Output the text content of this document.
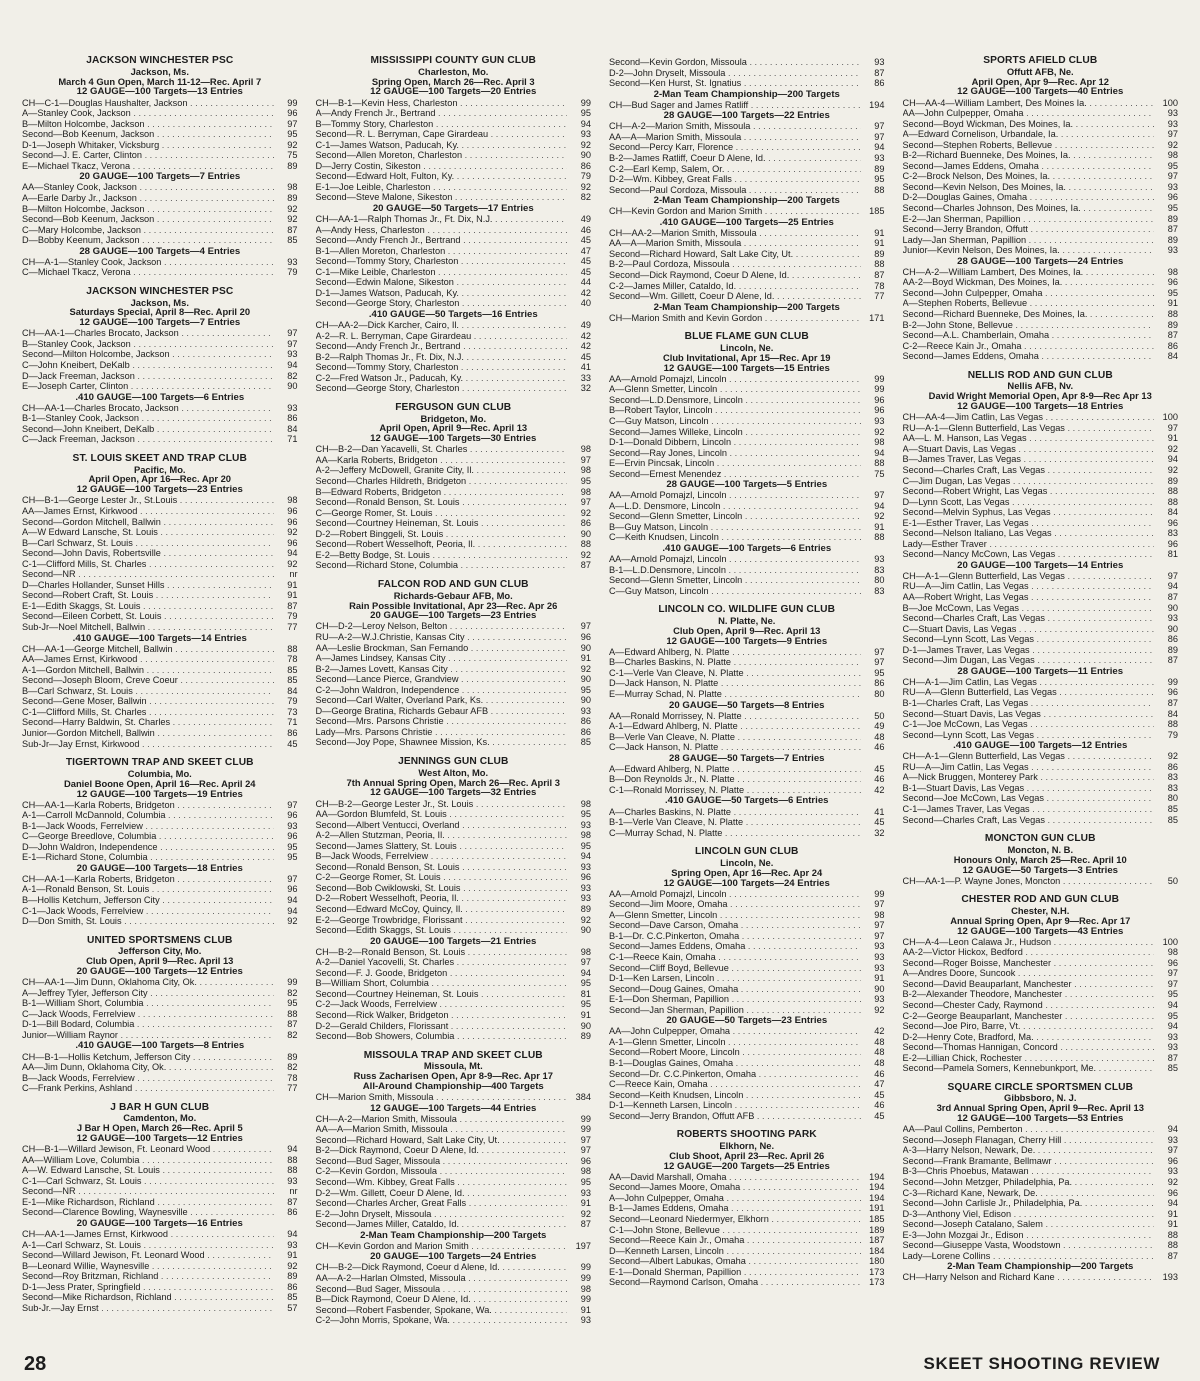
JACKSON WINCHESTER PSC
Jackson, Ms.
March 4 Gun Open, March 11-12—Rec. April 7
12 GAUGE—100 Targets—13 Entries
CH—C-1—Douglas Haushalter, Jackson . . .	99
A—Stanley Cook, Jackson . . .	96
B—Milton Holcombe, Jackson . . .	97
Second—Bob Keenum, Jackson . . .	95
D-1—Joseph Whitaker, Vicksburg . . .	92
Second—J. E. Carter, Clinton . . .	75
E—Michael Tkacz, Verona . . .	89
20 GAUGE—100 Targets—7 Entries
AA—Stanley Cook, Jackson . . .	98
A—Earle Darby Jr., Jackson . . .	89
B—Milton Holcombe, Jackson . . .	92
Second—Bob Keenum, Jackson . . .	92
C—Mary Holcombe, Jackson . . .	87
D—Bobby Keenum, Jackson . . .	85
28 GAUGE—100 Targets—4 Entries
CH—A-1—Stanley Cook, Jackson . . .	93
C—Michael Tkacz, Verona . . .	79
JACKSON WINCHESTER PSC
Jackson, Ms.
Saturdays Special, April 8—Rec. April 20
12 GAUGE—100 Targets—7 Entries
CH—AA-1—Charles Brocato, Jackson . . .	97
B—Stanley Cook, Jackson . . .	97
Second—Milton Holcombe, Jackson . . .	93
C—John Kneibert, DeKalb . . .	94
D—Jack Freeman, Jackson . . .	82
E—Joseph Carter, Clinton . . .	90
.410 GAUGE—100 Targets—6 Entries
CH—AA-1—Charles Brocato, Jackson . . .	93
B-1—Stanley Cook, Jackson . . .	86
Second—John Kneibert, DeKalb . . .	84
C—Jack Freeman, Jackson . . .	71
ST. LOUIS SKEET AND TRAP CLUB
Pacific, Mo.
April Open, Apr 16—Rec. Apr 20
12 GAUGE—100 Targets—23 Entries
CH—B-1—George Lester Jr., St.Louis . . .	98
AA—James Ernst, Kirkwood . . .	96
Second—Gordon Mitchell, Ballwin . . .	96
A—W Edward Lansche, St. Louis . . .	92
B—Carl Schwarz, St. Louis . . .	96
Second—John Davis, Robertsville . . .	94
C-1—Clifford Mills, St. Charles . . .	92
Second—NR . . .	nr
D—Charles Hollander, Sunset Hills . . .	91
Second—Robert Craft, St. Louis . . .	91
E-1—Edith Skaggs, St. Louis . . .	87
Second—Eileen Corbett, St. Louis . . .	79
Sub-Jr—Noel Mitchell, Ballwin . . .	77
.410 GAUGE—100 Targets—14 Entries
CH—AA-1—George Mitchell, Ballwin . . .	88
AA—James Ernst, Kirkwood . . .	78
A-1—Gordon Mitchell, Ballwin . . .	85
Second—Joseph Bloom, Creve Coeur . . .	85
B—Carl Schwarz, St. Louis . . .	84
Second—Gene Moser, Ballwin . . .	79
C-1—Clifford Mills, St. Charles . . .	73
Second—Harry Baldwin, St. Charles . . .	71
Junior—Gordon Mitchell, Ballwin . . .	86
Sub-Jr—Jay Ernst, Kirkwood . . .	45
TIGERTOWN TRAP AND SKEET CLUB
Columbia, Mo.
Daniel Boone Open, April 16—Rec. April 24
12 GAUGE—100 Targets—19 Entries
CH—AA-1—Karla Roberts, Bridgeton . . .	97
A-1—Carroll McDannold, Columbia . . .	96
B-1—Jack Woods, Ferrelview . . .	93
C—George Breedlove, Columbia . . .	96
D—John Waldron, Independence . . .	95
E-1—Richard Stone, Columbia . . .	95
20 GAUGE—100 Targets—18 Entries
CH—AA-1—Karla Roberts, Bridgeton . . .	97
A-1—Ronald Benson, St. Louis . . .	96
B—Hollis Ketchum, Jefferson City . . .	94
C-1—Jack Woods, Ferrelview . . .	94
D—Don Smith, St. Louis . . .	92
UNITED SPORTSMENS CLUB
Jefferson City, Mo.
Club Open, April 9—Rec. April 13
20 GAUGE—100 Targets—12 Entries
CH—AA-1—Jim Dunn, Oklahoma City, Ok. . . .	99
A—Jeffrey Tyler, Jefferson City . . .	82
B-1—William Short, Columbia . . .	95
C—Jack Woods, Ferrelview . . .	88
D-1—Bill Bodard, Columbia . . .	87
Junior—William Raynor . . .	82
.410 GAUGE—100 Targets—8 Entries
CH—B-1—Hollis Ketchum, Jefferson City . . .	89
AA—Jim Dunn, Oklahoma City, Ok. . . .	82
B—Jack Woods, Ferrelview . . .	78
C—Frank Perkins, Ashland . . .	77
J BAR H GUN CLUB
Camdenton, Mo.
J Bar H Open, March 26—Rec. April 5
12 GAUGE—100 Targets—12 Entries
CH—B-1—Willard Jewison, Ft. Leonard Wood . . .	94
AA—William Love, Columbia . . .	88
A—W. Edward Lansche, St. Louis . . .	88
C-1—Carl Schwarz, St. Louis . . .	93
Second—NR . . .	nr
E-1—Mike Richardson, Richland . . .	87
Second—Clarence Bowling, Waynesville . . .	86
20 GAUGE—100 Targets—16 Entries
CH—AA-1—James Ernst, Kirkwood . . .	94
A-1—Carl Schwarz, St. Louis . . .	93
Second—Willard Jewison, Ft. Leonard Wood . . .	91
B—Leonard Willie, Waynesville . . .	92
Second—Roy Britzman, Richland . . .	89
D-1—Jess Prater, Springfield . . .	86
Second—Mike Richardson, Richland . . .	85
Sub-Jr.—Jay Ernst . . .	57
MISSISSIPPI COUNTY GUN CLUB
Charleston, Mo.
Spring Open, March 26—Rec. April 3
12 GAUGE—100 Targets—20 Entries
CH—B-1—Kevin Hess, Charleston . . .	99
A—Andy French Jr., Bertrand . . .	95
B—Tommy Story, Charleston . . .	94
Second—R. L. Berryman, Cape Girardeau . . .	93
C-1—James Watson, Paducah, Ky. . . .	92
Second—Allen Moreton, Charleston . . .	90
D—Jerry Costin, Sikeston . . .	86
Second—Edward Holt, Fulton, Ky. . . .	79
E-1—Joe Leible, Charleston . . .	92
Second—Steve Malone, Sikeston . . .	82
20 GAUGE—50 Targets—17 Entries
CH—AA-1—Ralph Thomas Jr., Ft. Dix, N.J. . . .	49
A—Andy Hess, Charleston . . .	46
Second—Andy French Jr., Bertrand . . .	45
B-1—Allen Moreton, Charleston . . .	47
Second—Tommy Story, Charleston . . .	45
C-1—Mike Leible, Charleston . . .	45
Second—Edwin Malone, Sikeston . . .	44
D-1—James Watson, Paducah, Ky. . . .	42
Second—George Story, Charleston . . .	40
.410 GAUGE—50 Targets—16 Entries
CH—AA-2—Dick Karcher, Cairo, Il. . . .	49
A-2—R. L. Berryman, Cape Girardeau . . .	42
Second—Andy French Jr., Bertrand . . .	42
B-2—Ralph Thomas Jr., Ft. Dix, N.J. . . .	45
Second—Tommy Story, Charleston . . .	41
C-2—Fred Watson Jr., Paducah, Ky. . . .	33
Second—George Story, Charleston . . .	32
FERGUSON GUN CLUB
Bridgeton, Mo.
April Open, April 9—Rec. April 13
12 GAUGE—100 Targets—30 Entries
CH—B-2—Dan Yacavelli, St. Charles . . .	98
AA—Karla Roberts, Bridgeton . . .	97
A-2—Jeffery McDowell, Granite City, Il. . . .	98
Second—Charles Hildreth, Bridgeton . . .	95
B—Edward Roberts, Bridgeton . . .	98
Second—Ronald Benson, St. Louis . . .	97
C—George Romer, St. Louis . . .	92
Second—Courtney Heineman, St. Louis . . .	86
D-2—Robert Binggeli, St. Louis . . .	90
Second—Robert Wesselhoft, Peoria, Il. . . .	88
E-2—Betty Bodge, St. Louis . . .	92
Second—Richard Stone, Columbia . . .	87
FALCON ROD AND GUN CLUB
Richards-Gebaur AFB, Mo.
Rain Possible Invitational, Apr 23—Rec. Apr 26
20 GAUGE—100 Targets—23 Entries
CH—D-2—Leroy Nelson, Belton . . .	97
RU—A-2—W.J.Christie, Kansas City . . .	96
AA—Leslie Brockman, San Fernando . . .	90
A—James Lindsey, Kansas City . . .	91
B-2—James Lovett, Kansas City . . .	92
Second—Lance Pierce, Grandview . . .	90
C-2—John Waldron, Independence . . .	95
Second—Carl Walter, Overland Park, Ks. . . .	90
D—George Bratina, Richards Gebaur AFB . . .	93
Second—Mrs. Parsons Christie . . .	86
Lady—Mrs. Parsons Christie . . .	86
Second—Joy Pope, Shawnee Mission, Ks. . . .	85
JENNINGS GUN CLUB
West Alton, Mo.
7th Annual Spring Open, March 26—Rec. April 3
12 GAUGE—100 Targets—32 Entries
CH—B-2—George Lester Jr., St. Louis . . .	98
AA—Gordon Blumfeld, St. Louis . . .	95
Second—Albert Ventucci, Overland . . .	93
A-2—Allen Stutzman, Peoria, Il. . . .	98
Second—James Slattery, St. Louis . . .	95
B—Jack Woods, Ferrelview . . .	94
Second—Ronald Benson, St. Louis . . .	93
C-2—George Romer, St. Louis . . .	96
Second—Bob Cwiklowski, St. Louis . . .	93
D-2—Robert Wesselhoft, Peoria, Il. . . .	93
Second—Edward McCoy, Quincy, Il. . . .	89
E-2—George Trowbridge, Florissant . . .	92
Second—Edith Skaggs, St. Louis . . .	90
20 GAUGE—100 Targets—21 Entries
CH—B-2—Ronald Benson, St. Louis . . .	98
A-2—Daniel Yacovelli, St. Charles . . .	97
Second—F. J. Goode, Bridgeton . . .	94
B—William Short, Columbia . . .	95
Second—Courtney Heineman, St. Louis . . .	81
C-2—Jack Woods, Ferrelview . . .	95
Second—Rick Walker, Bridgeton . . .	91
D-2—Gerald Childers, Florissant . . .	90
Second—Bob Showers, Columbia . . .	89
MISSOULA TRAP AND SKEET CLUB
Missoula, Mt.
Russ Zacharisen Open, Apr 8-9—Rec. Apr 17
All-Around Championship—400 Targets
CH—Marion Smith, Missoula . . .	384
12 GAUGE—100 Targets—44 Entries
CH—A-2—Marion Smith, Missoula . . .	99
AA—A—Marion Smith, Missoula . . .	99
Second—Richard Howard, Salt Lake City, Ut. . . .	97
B-2—Dick Raymond, Coeur D Alene, Id. . . .	97
Second—Bud Sager, Missoula . . .	96
C-2—Kevin Gordon, Missoula . . .	98
Second—Wm. Kibbey, Great Falls . . .	95
D-2—Wm. Gillett, Coeur D Alene, Id. . . .	93
Second—Charles Archer, Great Falls . . .	91
E-2—John Dryselt, Missoula . . .	92
Second—James Miller, Cataldo, Id. . . .	87
2-Man Team Championship—200 Targets
CH—Kevin Gordon and Marion Smith . . .	197
20 GAUGE—100 Targets—24 Entries
CH—B-2—Dick Raymond, Coeur d Alene, Id. . . .	99
AA—A-2—Harlan Olmsted, Missoula . . .	99
Second—Bud Sager, Missoula . . .	98
B—Dick Raymond, Coeur D Alene, Id. . . .	99
Second—Robert Fasbender, Spokane, Wa. . . .	91
C-2—John Morris, Spokane, Wa. . . .	93
Second—Kevin Gordon, Missoula . . .	93
D-2—John Dryselt, Missoula . . .	87
Second—Ken Hurst, St. Ignatius . . .	86
2-Man Team Championship—200 Targets
CH—Bud Sager and James Ratliff . . .	194
28 GAUGE—100 Targets—22 Entries
CH—A-2—Marion Smith, Missoula . . .	97
AA—A—Marion Smith, Missoula . . .	97
Second—Percy Karr, Florence . . .	94
B-2—James Ratliff, Coeur D Alene, Id. . . .	93
C-2—Earl Kemp, Salem, Or. . . .	89
D-2—Wm. Kibbey, Great Falls . . .	95
Second—Paul Cordoza, Missoula . . .	88
2-Man Team Championship—200 Targets
CH—Kevin Gordon and Marion Smith . . .	185
.410 GAUGE—100 Targets—25 Entries
CH—AA-2—Marion Smith, Missoula . . .	91
AA—A—Marion Smith, Missoula . . .	91
Second—Richard Howard, Salt Lake City, Ut. . . .	89
B-2—Paul Cordoza, Missoula . . .	88
Second—Dick Raymond, Coeur D Alene, Id. . . .	87
C-2—James Miller, Cataldo, Id. . . .	78
Second—Wm. Gillett, Coeur D Alene, Id. . . .	77
2-Man Team Championship—200 Targets
CH—Marion Smith and Kevin Gordon . . .	171
BLUE FLAME GUN CLUB
Lincoln, Ne.
Club Invitational, Apr 15—Rec. Apr 19
12 GAUGE—100 Targets—15 Entries
AA—Arnold Pomajzl, Lincoln . . .	99
A—Glenn Smetter, Lincoln . . .	99
Second—L.D.Densmore, Lincoln . . .	96
B—Robert Taylor, Lincoln . . .	96
C—Guy Matson, Lincoln . . .	93
Second—James Willeke, Lincoln . . .	92
D-1—Donald Dibbern, Lincoln . . .	98
Second—Ray Jones, Lincoln . . .	94
E—Ervin Pincsak, Lincoln . . .	88
Second—Ernest Menendez . . .	75
28 GAUGE—100 Targets—5 Entries
AA—Arnold Pomajzl, Lincoln . . .	97
A—L.D. Densmore, Lincoln . . .	94
Second—Glenn Smetter, Lincoln . . .	92
B—Guy Matson, Lincoln . . .	91
C—Keith Knudsen, Lincoln . . .	88
.410 GAUGE—100 Targets—6 Entries
AA—Arnold Pomajzl, Lincoln . . .	93
B-1—L.D.Densmore, Lincoln . . .	83
Second—Glenn Smetter, Lincoln . . .	80
C—Guy Matson, Lincoln . . .	83
LINCOLN CO. WILDLIFE GUN CLUB
N. Platte, Ne.
Club Open, April 9—Rec. April 13
12 GAUGE—100 Targets—9 Entries
A—Edward Ahlberg, N. Platte . . .	97
B—Charles Baskins, N. Platte . . .	97
C-1—Verle Van Cleave, N. Platte . . .	95
D—Jack Hanson, N. Platte . . .	86
E—Murray Schad, N. Platte . . .	80
20 GAUGE—50 Targets—8 Entries
AA—Ronald Morrissey, N. Platte . . .	50
A-1—Edward Ahlberg, N. Platte . . .	49
B—Verle Van Cleave, N. Platte . . .	48
C—Jack Hanson, N. Platte . . .	46
28 GAUGE—50 Targets—7 Entries
A—Edward Ahlberg, N. Platte . . .	45
B—Don Reynolds Jr., N. Platte . . .	46
C-1—Ronald Morrissey, N. Platte . . .	42
.410 GAUGE—50 Targets—6 Entries
A—Charles Baskins, N. Platte . . .	41
B-1—Verle Van Cleave, N. Platte . . .	45
C—Murray Schad, N. Platte . . .	32
LINCOLN GUN CLUB
Lincoln, Ne.
Spring Open, Apr 16—Rec. Apr 24
12 GAUGE—100 Targets—24 Entries
AA—Arnold Pomajzl, Lincoln . . .	99
Second—Jim Moore, Omaha . . .	97
A—Glenn Smetter, Lincoln . . .	98
Second—Dave Carson, Omaha . . .	97
B-1—Dr. C.C.Pinkerton, Omaha . . .	97
Second—James Eddens, Omaha . . .	93
C-1—Reece Kain, Omaha . . .	93
Second—Cliff Boyd, Bellevue . . .	93
D-1—Ken Larsen, Lincoln . . .	91
Second—Doug Gaines, Omaha . . .	90
E-1—Don Sherman, Papillion . . .	93
Second—Jan Sherman, Papillion . . .	92
20 GAUGE—50 Targets—23 Entries
AA—John Culpepper, Omaha . . .	42
A-1—Glenn Smetter, Lincoln . . .	48
Second—Robert Moore, Lincoln . . .	48
B-1—Douglas Gaines, Omaha . . .	48
Second—Dr. C.C.Pinkerton, Omaha . . .	46
C—Reece Kain, Omaha . . .	47
Second—Keith Knudsen, Lincoln . . .	45
D-1—Kenneth Larsen, Lincoln . . .	46
Second—Jerry Brandon, Offutt AFB . . .	45
ROBERTS SHOOTING PARK
Elkhorn, Ne.
Club Shoot, April 23—Rec. April 26
12 GAUGE—200 Targets—25 Entries
AA—David Marshall, Omaha . . .	194
Second—James Moore, Omaha . . .	194
A—John Culpepper, Omaha . . .	194
B-1—James Eddens, Omaha . . .	191
Second—Leonard Niedermyer, Elkhorn . . .	185
C-1—John Stone, Bellevue . . .	189
Second—Reece Kain Jr., Omaha . . .	187
D—Kenneth Larsen, Lincoln . . .	184
Second—Albert Labukas, Omaha . . .	180
E-1—Donald Sherman, Papillion . . .	173
Second—Raymond Carlson, Omaha . . .	173
SPORTS AFIELD CLUB
Offutt AFB, Ne.
April Open, Apr 9—Rec. Apr 12
12 GAUGE—100 Targets—40 Entries
CH—AA-4—William Lambert, Des Moines Ia. . . .	100
AA—John Culpepper, Omaha . . .	93
Second—Boyd Wickman, Des Moines, Ia. . . .	93
A—Edward Cornelison, Urbandale, Ia. . . .	97
Second—Stephen Roberts, Bellevue . . .	92
B-2—Richard Buenneke, Des Moines, Ia. . . .	98
Second—James Eddens, Omaha . . .	95
C-2—Brock Nelson, Des Moines, Ia. . . .	97
Second—Kevin Nelson, Des Moines, Ia. . . .	93
D-2—Douglas Gaines, Omaha . . .	96
Second—Charles Johnson, Des Moines, Ia. . . .	95
E-2—Jan Sherman, Papillion . . .	89
Second—Jerry Brandon, Offutt . . .	87
Lady—Jan Sherman, Papillion . . .	89
Junior—Kevin Nelson, Des Moines, Ia. . . .	93
28 GAUGE—100 Targets—24 Entries
CH—A-2—William Lambert, Des Moines, Ia. . . .	98
AA-2—Boyd Wickman, Des Moines, Ia. . . .	96
Second—John Culpepper, Omaha . . .	95
A—Stephen Roberts, Bellevue . . .	91
Second—Richard Buenneke, Des Moines, Ia. . . .	88
B-2—John Stone, Bellevue . . .	89
Second—A.L. Chamberlain, Omaha . . .	87
C-2—Reece Kain Jr., Omaha . . .	86
Second—James Eddens, Omaha . . .	84
NELLIS ROD AND GUN CLUB
Nellis AFB, Nv.
David Wright Memorial Open, Apr 8-9—Rec Apr 13
12 GAUGE—100 Targets—18 Entries
CH—AA-4—Jim Catlin, Las Vegas . . .	100
RU—A-1—Glenn Butterfield, Las Vegas . . .	97
AA—L. M. Hanson, Las Vegas . . .	91
A—Stuart Davis, Las Vegas . . .	92
B—James Traver, Las Vegas . . .	94
Second—Charles Craft, Las Vegas . . .	92
C—Jim Dugan, Las Vegas . . .	89
Second—Robert Wright, Las Vegas . . .	88
D—Lynn Scott, Las Vegas . . .	88
Second—Melvin Syphus, Las Vegas . . .	84
E-1—Esther Traver, Las Vegas . . .	96
Second—Nelson Italiano, Las Vegas . . .	83
Lady—Esther Traver . . .	96
Second—Nancy McCown, Las Vegas . . .	81
20 GAUGE—100 Targets—14 Entries
CH—A-1—Glenn Butterfield, Las Vegas . . .	97
RU—A—Jim Catlin, Las Vegas . . .	94
AA—Robert Wright, Las Vegas . . .	87
B—Joe McCown, Las Vegas . . .	90
Second—Charles Craft, Las Vegas . . .	93
C—Stuart Davis, Las Vegas . . .	90
Second—Lynn Scott, Las Vegas . . .	86
D-1—James Traver, Las Vegas . . .	89
Second—Jim Dugan, Las Vegas . . .	87
28 GAUGE—100 Targets—11 Entries
CH—A-1—Jim Catlin, Las Vegas . . .	99
RU—A—Glenn Butterfield, Las Vegas . . .	96
B-1—Charles Craft, Las Vegas . . .	87
Second—Stuart Davis, Las Vegas . . .	84
C-1—Joe McCown, Las Vegas . . .	88
Second—Lynn Scott, Las Vegas . . .	79
.410 GAUGE—100 Targets—12 Entries
CH—A-1—Glenn Butterfield, Las Vegas . . .	92
RU—A—Jim Catlin, Las Vegas . . .	86
A—Nick Bruggen, Monterey Park . . .	83
B-1—Stuart Davis, Las Vegas . . .	83
Second—Joe McCown, Las Vegas . . .	80
C-1—James Traver, Las Vegas . . .	85
Second—Charles Craft, Las Vegas . . .	85
MONCTON GUN CLUB
Moncton, N. B.
Honours Only, March 25—Rec. April 10
12 GAUGE—50 Targets—3 Entries
CH—AA-1—P. Wayne Jones, Moncton . . .	50
CHESTER ROD AND GUN CLUB
Chester, N.H.
Annual Spring Open, Apr 9—Rec. Apr 17
12 GAUGE—100 Targets—43 Entries
CH—A-4—Leon Calawa Jr., Hudson . . .	100
AA-2—Victor Hickox, Bedford . . .	98
Second—Roger Boisse, Manchester . . .	96
A—Andres Doore, Suncook . . .	97
Second—David Beauparlant, Manchester . . .	97
B-2—Alexander Theodore, Manchester . . .	95
Second—Chester Cady, Raymond . . .	94
C-2—George Beauparlant, Manchester . . .	95
Second—Joe Piro, Barre, Vt. . . .	94
D-2—Henry Cote, Bradford, Ma. . . .	93
Second—Thomas Hannigan, Concord . . .	93
E-2—Lillian Chick, Rochester . . .	87
Second—Pamela Somers, Kennebunkport, Me. . . .	85
SQUARE CIRCLE SPORTSMEN CLUB
Gibbsboro, N. J.
3rd Annual Spring Open, April 9—Rec. April 13
12 GAUGE—100 Targets—53 Entries
AA—Paul Collins, Pemberton . . .	94
Second—Joseph Flanagan, Cherry Hill . . .	93
A-3—Harry Nelson, Newark, De. . . .	97
Second—Frank Bramante, Bellmawr . . .	96
B-3—Chris Phoebus, Matawan . . .	93
Second—John Metzger, Philadelphia, Pa. . . .	92
C-3—Richard Kane, Newark, De. . . .	96
Second—John Carlisle Jr., Philadelphia, Pa. . . .	94
D-3—Anthony Viel, Edison . . .	91
Second—Joseph Catalano, Salem . . .	91
E-3—John Mozgai Jr., Edison . . .	88
Second—Giuseppe Vasta, Woodstown . . .	88
Lady—Lorene Collins . . .	87
2-Man Team Championship—200 Targets
CH—Harry Nelson and Richard Kane . . .	193
28	SKEET SHOOTING REVIEW
